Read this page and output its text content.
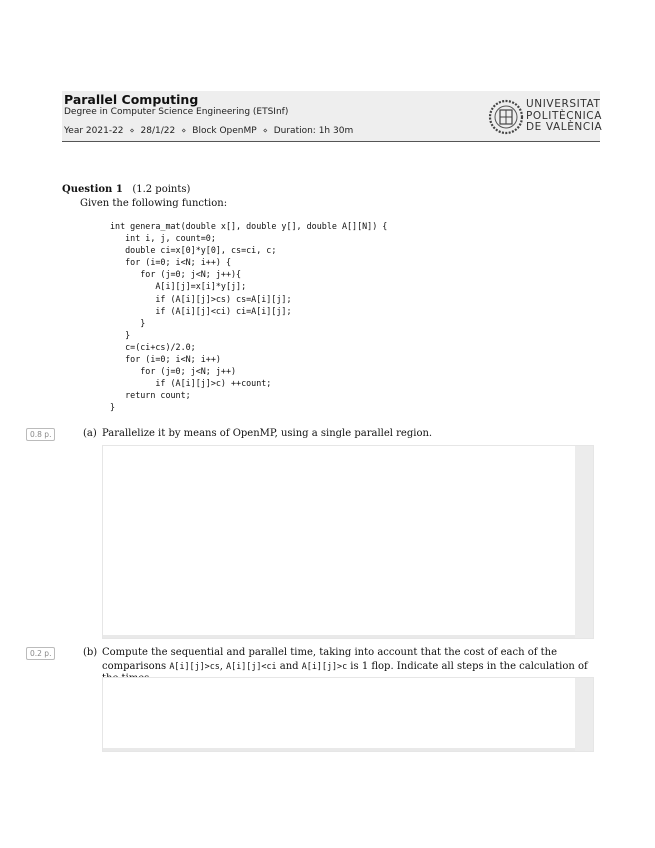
Parallel Computing
Degree in Computer Science Engineering (ETSInf)
Year 2021-22 ⋄ 28/1/22 ⋄ Block OpenMP ⋄ Duration: 1h 30m
UNIVERSITAT
POLITÈCNICA
DE VALÈNCIA
Question 1 (1.2 points)
Given the following function:
int genera_mat(double x[], double y[], double A[][N]) {
int i, j, count=0;
double ci=x[0]*y[0], cs=ci, c;
for (i=0; i<N; i++) {
for (j=0; j<N; j++){
A[i][j]=x[i]*y[j];
if (A[i][j]>cs) cs=A[i][j];
if (A[i][j]<ci) ci=A[i][j];
}
}
c=(ci+cs)/2.0;
for (i=0; i<N; i++)
for (j=0; j<N; j++)
if (A[i][j]>c) ++count;
return count;
}
0.8 p.	(a) Parallelize it by means of OpenMP, using a single parallel region.
0.2 p.	(b) Compute the sequential and parallel time, taking into account that the cost of each of the comparisons A[i][j]>cs, A[i][j]<ci and A[i][j]>c is 1 flop. Indicate all steps in the calculation of
